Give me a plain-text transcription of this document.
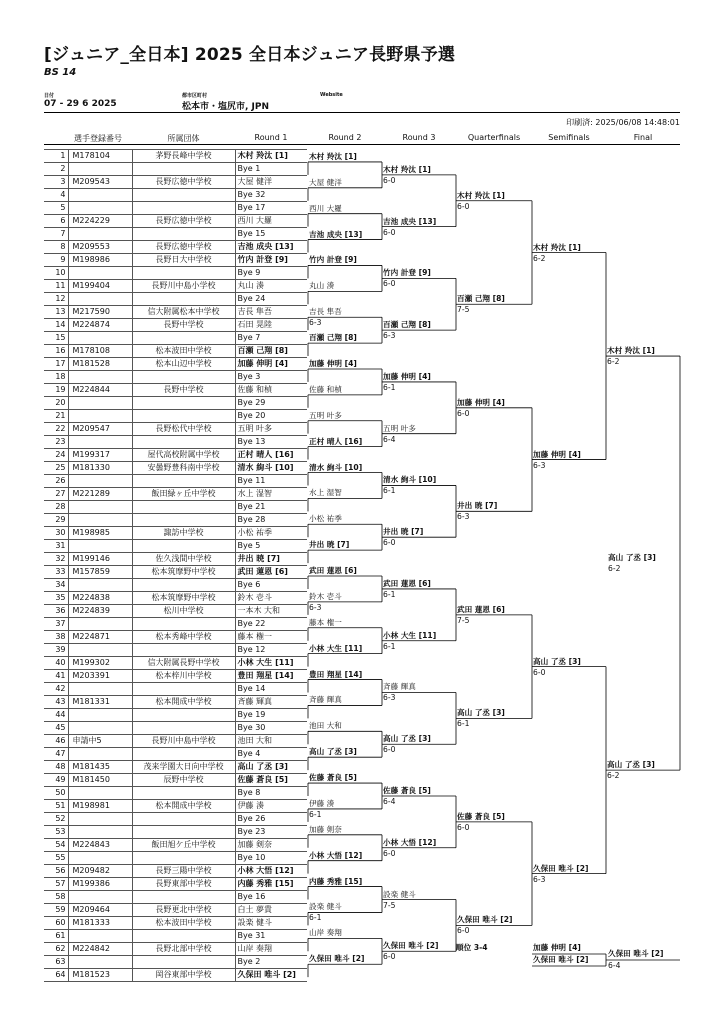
[ジュニア_全日本] 2025 全日本ジュニア長野県予選
BS 14
日付
07 - 29 6 2025
都市区町村
松本市・塩尻市, JPN
Website
印刷済: 2025/06/08 14:48:01
選手登録番号	所属団体	Round 1	Round 2	Round 3	Quarterfinals	Semifinals	Final
1	M178104	茅野長峰中学校	木村 羚汰 [1]
2			Bye 1
3	M209543	長野広徳中学校	大屋 健洋
4			Bye 32
5			Bye 17
6	M224229	長野広徳中学校	西川 大羅
7			Bye 15
8	M209553	長野広徳中学校	吉池 成央 [13]
9	M198986	長野日大中学校	竹内 計登 [9]
10			Bye 9
11	M199404	長野川中島小学校	丸山 湊
12			Bye 24
13	M217590	信大附属松本中学校	吉長 隼吾
14	M224874	長野中学校	石田 晃陸
15			Bye 7
16	M178108	松本波田中学校	百瀬 己翔 [8]
17	M181528	松本山辺中学校	加藤 伸明 [4]
18			Bye 3
19	M224844	長野中学校	佐藤 和楨
20			Bye 29
21			Bye 20
22	M209547	長野松代中学校	五明 叶多
23			Bye 13
24	M199317	屋代高校附属中学校	正村 晴人 [16]
25	M181330	安曇野豊科南中学校	清水 絢斗 [10]
26			Bye 11
27	M221289	飯田緑ヶ丘中学校	水上 湿智
28			Bye 21
29			Bye 28
30	M198985	諏訪中学校	小松 祐季
31			Bye 5
32	M199146	佐久浅間中学校	井出 暁 [7]
33	M157859	松本筑摩野中学校	武田 蓮恩 [6]
34			Bye 6
35	M224838	松本筑摩野中学校	鈴木 壱斗
36	M224839	松川中学校	一本木 大和
37			Bye 22
38	M224871	松本秀峰中学校	藤本 権一
39			Bye 12
40	M199302	信大附属長野中学校	小林 大生 [11]
41	M203391	松本梓川中学校	豊田 翔星 [14]
42			Bye 14
43	M181331	松本開成中学校	斉藤 輝真
44			Bye 19
45			Bye 30
46	申請中5	長野川中島中学校	池田 大和
47			Bye 4
48	M181435	茂来学園大日向中学校	高山 了丞 [3]
49	M181450	辰野中学校	佐藤 蒼良 [5]
50			Bye 8
51	M198981	松本開成中学校	伊藤 湊
52			Bye 26
53			Bye 23
54	M224843	飯田旭ケ丘中学校	加藤 剣奈
55			Bye 10
56	M209482	長野三陽中学校	小林 大悟 [12]
57	M199386	長野東部中学校	内藤 秀雅 [15]
58			Bye 16
59	M209464	長野更北中学校	白土 夢貴
60	M181333	松本波田中学校	設楽 健斗
61			Bye 31
62	M224842	長野北部中学校	山岸 奏翔
63			Bye 2
64	M181523	岡谷東部中学校	久保田 唯斗 [2]
木村 羚汰 [1]
大屋 健洋
西川 大羅
吉池 成央 [13]
竹内 計登 [9]
丸山 湊
吉長 隼吾
6-3
百瀬 己翔 [8]
加藤 伸明 [4]
佐藤 和楨
五明 叶多
正村 晴人 [16]
清水 絢斗 [10]
水上 湿智
小松 祐季
井出 暁 [7]
武田 蓮恩 [6]
鈴木 壱斗
6-3
藤本 権一
小林 大生 [11]
豊田 翔星 [14]
斉藤 輝真
池田 大和
高山 了丞 [3]
佐藤 蒼良 [5]
伊藤 湊
6-1
加藤 剣奈
小林 大悟 [12]
内藤 秀雅 [15]
設楽 健斗
6-1
山岸 奏翔
久保田 唯斗 [2]
木村 羚汰 [1]
6-0
吉池 成央 [13]
6-0
竹内 計登 [9]
6-0
百瀬 己翔 [8]
6-3
加藤 伸明 [4]
6-1
五明 叶多
6-4
清水 絢斗 [10]
6-1
井出 暁 [7]
6-0
武田 蓮恩 [6]
6-1
小林 大生 [11]
6-1
斉藤 輝真
6-3
高山 了丞 [3]
6-0
佐藤 蒼良 [5]
6-4
小林 大悟 [12]
6-0
設楽 健斗
7-5
久保田 唯斗 [2]
6-0
木村 羚汰 [1]
6-0
百瀬 己翔 [8]
7-5
加藤 伸明 [4]
6-0
井出 暁 [7]
6-3
武田 蓮恩 [6]
7-5
高山 了丞 [3]
6-1
佐藤 蒼良 [5]
6-0
久保田 唯斗 [2]
6-0
木村 羚汰 [1]
6-2
加藤 伸明 [4]
6-3
高山 了丞 [3]
6-0
久保田 唯斗 [2]
6-3
木村 羚汰 [1]
6-2
高山 了丞 [3]
6-2
高山 了丞 [3]
6-2
順位 3-4	加藤 伸明 [4]
久保田 唯斗 [2]
久保田 唯斗 [2]
6-4
